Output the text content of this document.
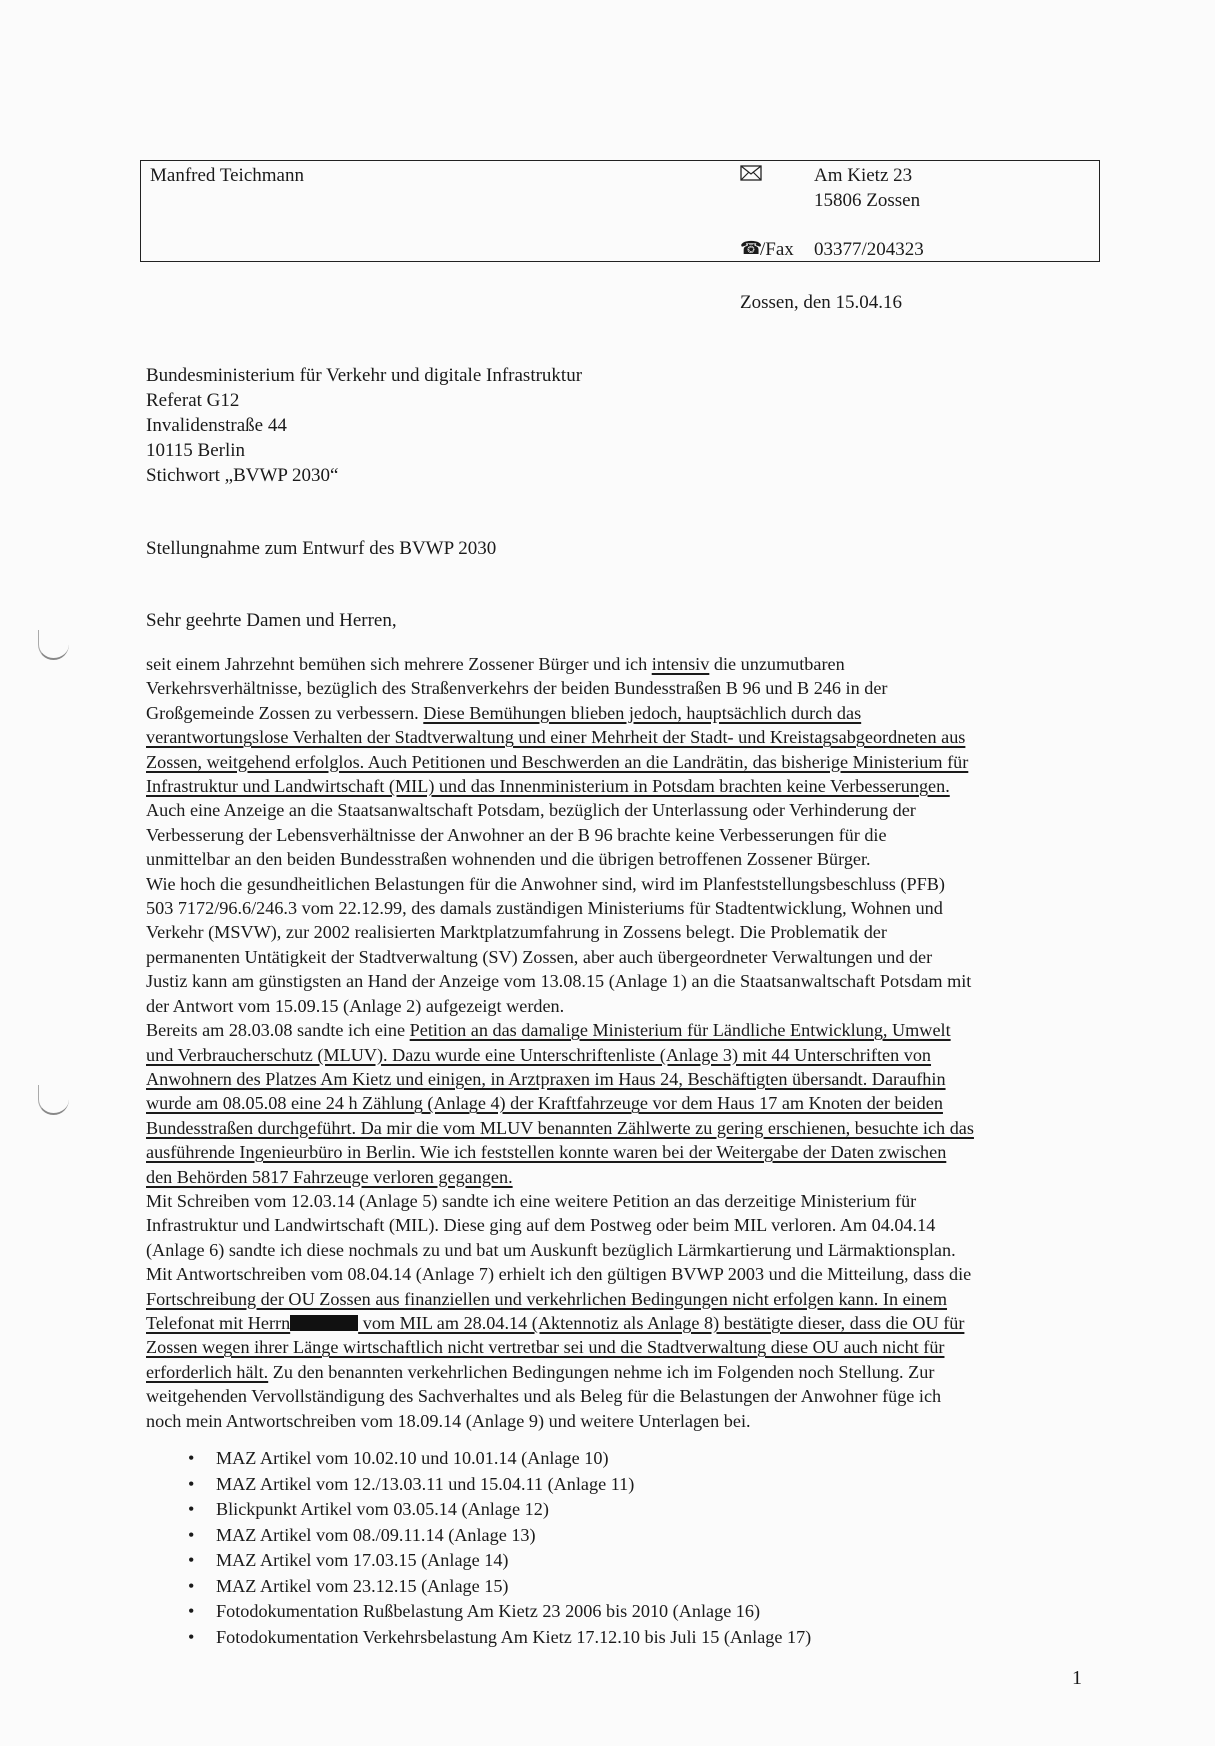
Manfred Teichmann	Am Kietz 23
15806 Zossen
☎
/Fax 03377/204323
Zossen, den 15.04.16
Bundesministerium für Verkehr und digitale Infrastruktur
Referat G12
Invalidenstraße 44
10115 Berlin
Stichwort „BVWP 2030“
Stellungnahme zum Entwurf des BVWP 2030
Sehr geehrte Damen und Herren,

seit einem Jahrzehnt bemühen sich mehrere Zossener Bürger und ich intensiv die unzumutbaren

Verkehrsverhältnisse, bezüglich des Straßenverkehrs der beiden Bundesstraßen B 96 und B 246 in der

Großgemeinde Zossen zu verbessern. Diese Bemühungen blieben jedoch, hauptsächlich durch das

verantwortungslose Verhalten der Stadtverwaltung und einer Mehrheit der Stadt- und Kreistagsabgeordneten aus

Zossen, weitgehend erfolglos. Auch Petitionen und Beschwerden an die Landrätin, das bisherige Ministerium für

Infrastruktur und Landwirtschaft (MIL) und das Innenministerium in Potsdam brachten keine Verbesserungen.

Auch eine Anzeige an die Staatsanwaltschaft Potsdam, bezüglich der Unterlassung oder Verhinderung der

Verbesserung der Lebensverhältnisse der Anwohner an der B 96 brachte keine Verbesserungen für die

unmittelbar an den beiden Bundesstraßen wohnenden und die übrigen betroffenen Zossener Bürger.

Wie hoch die gesundheitlichen Belastungen für die Anwohner sind, wird im Planfeststellungsbeschluss (PFB)

503 7172/96.6/246.3 vom 22.12.99, des damals zuständigen Ministeriums für Stadtentwicklung, Wohnen und

Verkehr (MSVW), zur 2002 realisierten Marktplatzumfahrung in Zossens belegt. Die Problematik der

permanenten Untätigkeit der Stadtverwaltung (SV) Zossen, aber auch übergeordneter Verwaltungen und der

Justiz kann am günstigsten an Hand der Anzeige vom 13.08.15 (Anlage 1) an die Staatsanwaltschaft Potsdam mit

der Antwort vom 15.09.15 (Anlage 2) aufgezeigt werden.

Bereits am 28.03.08 sandte ich eine Petition an das damalige Ministerium für Ländliche Entwicklung, Umwelt

und Verbraucherschutz (MLUV). Dazu wurde eine Unterschriftenliste (Anlage 3) mit 44 Unterschriften von

Anwohnern des Platzes Am Kietz und einigen, in Arztpraxen im Haus 24, Beschäftigten übersandt. Daraufhin

wurde am 08.05.08 eine 24 h Zählung (Anlage 4) der Kraftfahrzeuge vor dem Haus 17 am Knoten der beiden

Bundesstraßen durchgeführt. Da mir die vom MLUV benannten Zählwerte zu gering erschienen, besuchte ich das

ausführende Ingenieurbüro in Berlin. Wie ich feststellen konnte waren bei der Weitergabe der Daten zwischen

den Behörden 5817 Fahrzeuge verloren gegangen.

Mit Schreiben vom 12.03.14 (Anlage 5) sandte ich eine weitere Petition an das derzeitige Ministerium für

Infrastruktur und Landwirtschaft (MIL). Diese ging auf dem Postweg oder beim MIL verloren. Am 04.04.14

(Anlage 6) sandte ich diese nochmals zu und bat um Auskunft bezüglich Lärmkartierung und Lärmaktionsplan.

Mit Antwortschreiben vom 08.04.14 (Anlage 7) erhielt ich den gültigen BVWP 2003 und die Mitteilung, dass die

Fortschreibung der OU Zossen aus finanziellen und verkehrlichen Bedingungen nicht erfolgen kann. In einem

Telefonat mit Herrn	vom MIL am 28.04.14 (Aktennotiz als Anlage 8) bestätigte dieser, dass die OU für

Zossen wegen ihrer Länge wirtschaftlich nicht vertretbar sei und die Stadtverwaltung diese OU auch nicht für

erforderlich hält. Zu den benannten verkehrlichen Bedingungen nehme ich im Folgenden noch Stellung. Zur

weitgehenden Vervollständigung des Sachverhaltes und als Beleg für die Belastungen der Anwohner füge ich

noch mein Antwortschreiben vom 18.09.14 (Anlage 9) und weitere Unterlagen bei.

• MAZ Artikel vom 10.02.10 und 10.01.14 (Anlage 10)
• MAZ Artikel vom 12./13.03.11 und 15.04.11 (Anlage 11)
• Blickpunkt Artikel vom 03.05.14 (Anlage 12)
• MAZ Artikel vom 08./09.11.14 (Anlage 13)
• MAZ Artikel vom 17.03.15 (Anlage 14)
• MAZ Artikel vom 23.12.15 (Anlage 15)
• Fotodokumentation Rußbelastung Am Kietz 23 2006 bis 2010 (Anlage 16)
• Fotodokumentation Verkehrsbelastung Am Kietz 17.12.10 bis Juli 15 (Anlage 17)
1
